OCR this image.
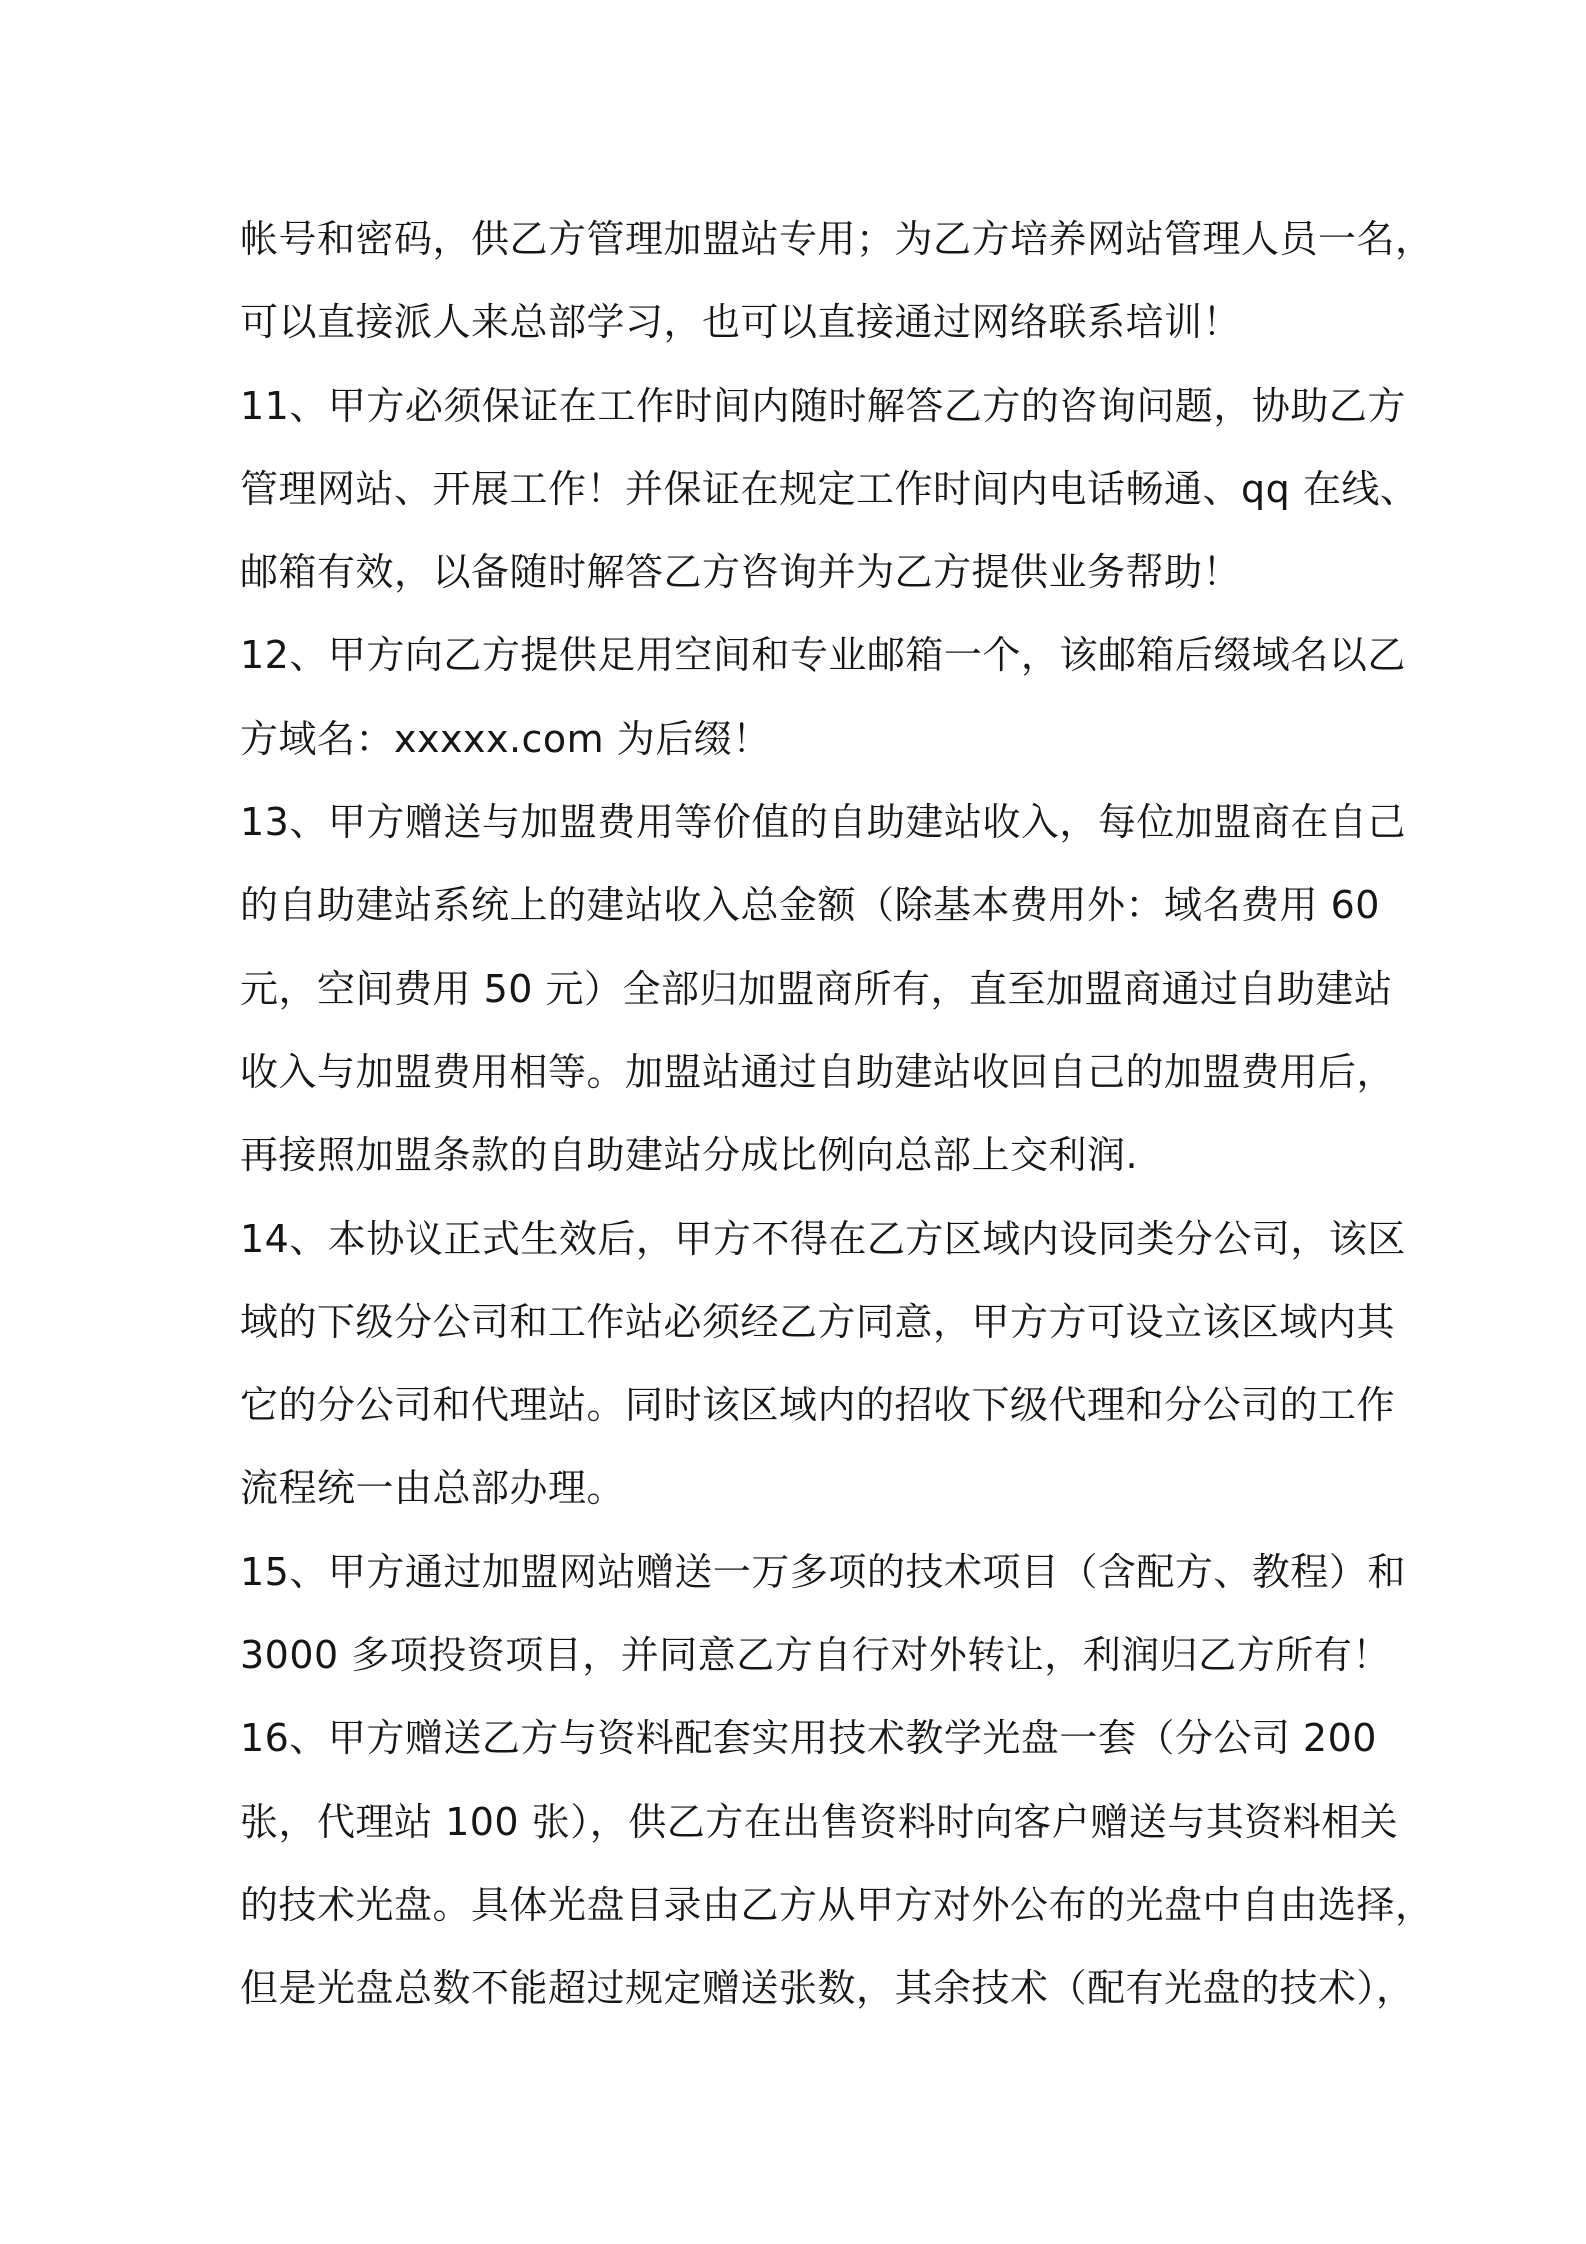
帐号和密码，供乙方管理加盟站专用；为乙方培养网站管理人员一名，
可以直接派人来总部学习，也可以直接通过网络联系培训！
11、甲方必须保证在工作时间内随时解答乙方的咨询问题，协助乙方
管理网站、开展工作！并保证在规定工作时间内电话畅通、qq 在线、
邮箱有效，以备随时解答乙方咨询并为乙方提供业务帮助！
12、甲方向乙方提供足用空间和专业邮箱一个，该邮箱后缀域名以乙
方域名：xxxxx.com 为后缀！
13、甲方赠送与加盟费用等价值的自助建站收入，每位加盟商在自己
的自助建站系统上的建站收入总金额（除基本费用外：域名费用 60
元，空间费用 50 元）全部归加盟商所有，直至加盟商通过自助建站
收入与加盟费用相等。加盟站通过自助建站收回自己的加盟费用后，
再接照加盟条款的自助建站分成比例向总部上交利润.
14、本协议正式生效后，甲方不得在乙方区域内设同类分公司，该区
域的下级分公司和工作站必须经乙方同意，甲方方可设立该区域内其
它的分公司和代理站。同时该区域内的招收下级代理和分公司的工作
流程统一由总部办理。
15、甲方通过加盟网站赠送一万多项的技术项目（含配方、教程）和
3000 多项投资项目，并同意乙方自行对外转让，利润归乙方所有！
16、甲方赠送乙方与资料配套实用技术教学光盘一套（分公司 200
张，代理站 100 张），供乙方在出售资料时向客户赠送与其资料相关
的技术光盘。具体光盘目录由乙方从甲方对外公布的光盘中自由选择，
但是光盘总数不能超过规定赠送张数，其余技术（配有光盘的技术），
